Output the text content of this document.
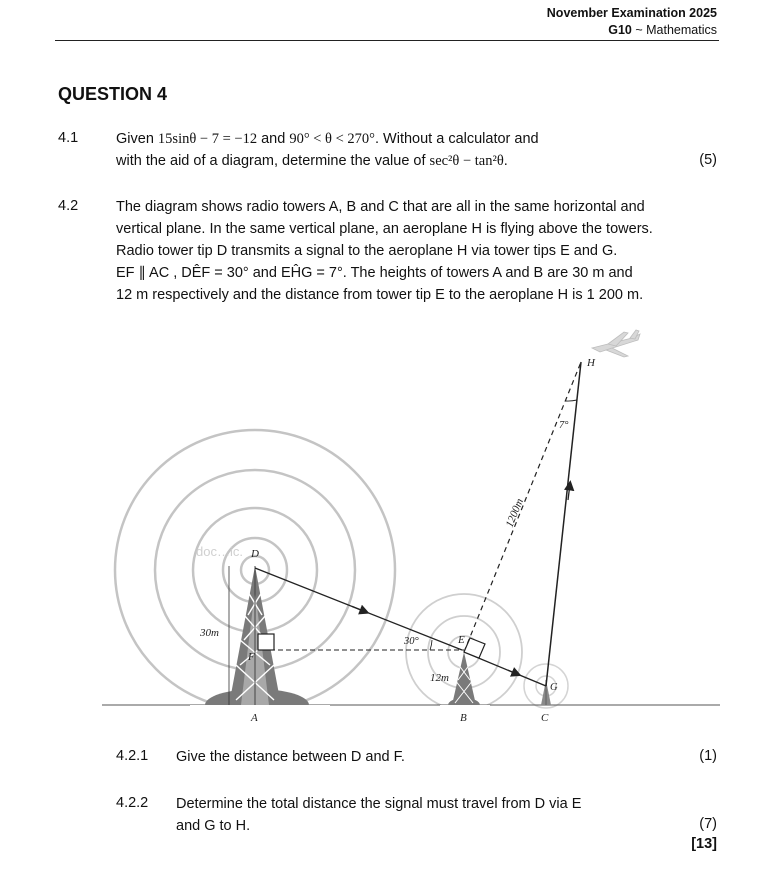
November Examination 2025
G10 ~ Mathematics
QUESTION 4
4.1	Given 15sinθ − 7 = −12 and 90° < θ < 270°. Without a calculator and
with the aid of a diagram, determine the value of sec²θ − tan²θ.	(5)
4.2	The diagram shows radio towers A, B and C that are all in the same horizontal and
vertical plane. In the same vertical plane, an aeroplane H is flying above the towers.
Radio tower tip D transmits a signal to the aeroplane H via tower tips E and G.
EF ∥ AC , DÊF = 30° and EĤG = 7°. The heights of towers A and B are 30 m and
12 m respectively and the distance from tower tip E to the aeroplane H is 1 200 m.
doc…ic.
30m
12m
30°
7°
1200m
D
F
E
G
H
A	B	C
4.2.1 Give the distance between D and F.	(1)
4.2.2 Determine the total distance the signal must travel from D via E
and G to H.	(7)
[13]
